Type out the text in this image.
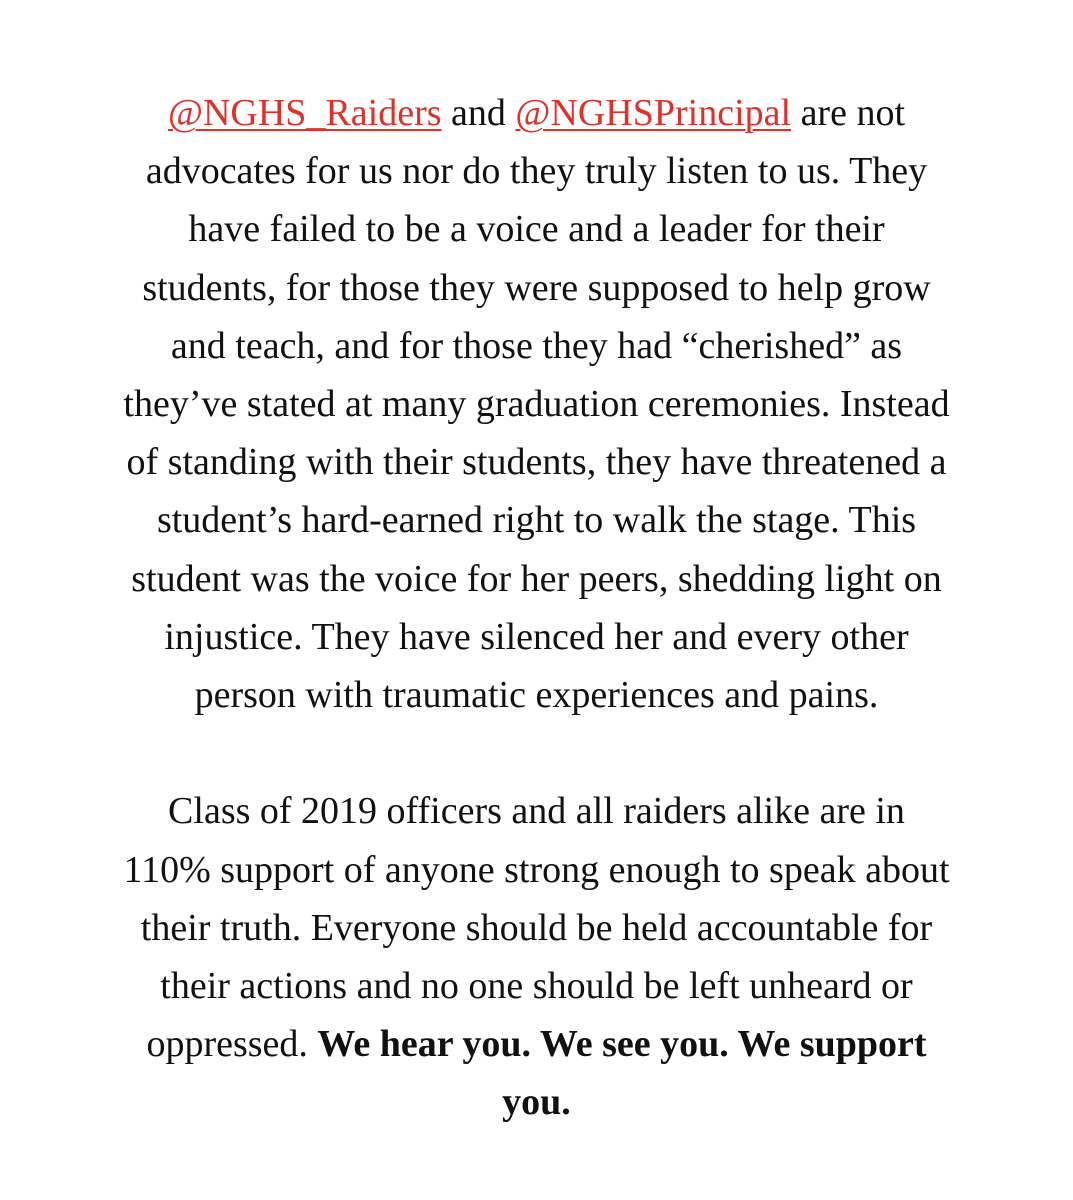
@NGHS_Raiders and @NGHSPrincipal are not
advocates for us nor do they truly listen to us. They
have failed to be a voice and a leader for their
students, for those they were supposed to help grow
and teach, and for those they had “cherished” as
they’ve stated at many graduation ceremonies. Instead
of standing with their students, they have threatened a
student’s hard-earned right to walk the stage. This
student was the voice for her peers, shedding light on
injustice. They have silenced her and every other
person with traumatic experiences and pains.
Class of 2019 officers and all raiders alike are in
110% support of anyone strong enough to speak about
their truth. Everyone should be held accountable for
their actions and no one should be left unheard or
oppressed. We hear you. We see you. We support
you.
